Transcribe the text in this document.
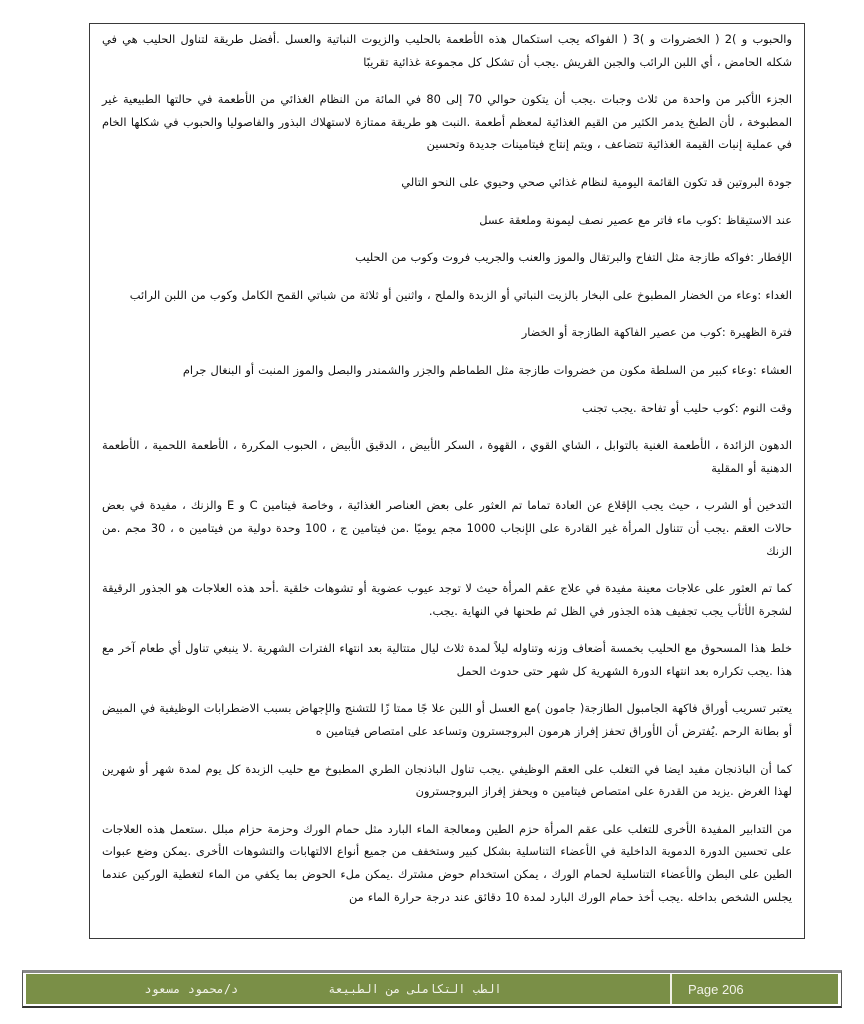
والحبوب و )2 ( الخضروات و )3 ( الفواكه يجب استكمال هذه الأطعمة بالحليب والزيوت النباتية والعسل .أفضل طريقة لتناول الحليب هي في شكله الحامض ، أي اللبن الرائب والجبن القريش .يجب أن تشكل كل مجموعة غذائية تقريبًا

الجزء الأكبر من واحدة من ثلاث وجبات .يجب أن يتكون حوالي 70 إلى 80 في المائة من النظام الغذائي من الأطعمة في حالتها الطبيعية غير المطبوخة ، لأن الطبخ يدمر الكثير من القيم الغذائية لمعظم أطعمة .النبت هو طريقة ممتازة لاستهلاك البذور والفاصوليا والحبوب في شكلها الخام في عملية إنبات القيمة الغذائية تتضاعف ، ويتم إنتاج فيتامينات جديدة وتحسين

جودة البروتين قد تكون القائمة اليومية لنظام غذائي صحي وحيوي على النحو التالي

عند الاستيقاظ :كوب ماء فاتر مع عصير نصف ليمونة وملعقة عسل

الإفطار :فواكه طازجة مثل التفاح والبرتقال والموز والعنب والجريب فروت وكوب من الحليب

الغداء :وعاء من الخضار المطبوخ على البخار بالزيت النباتي أو الزبدة والملح ، واثنين أو ثلاثة من شباتي القمح الكامل وكوب من اللبن الرائب

فترة الظهيرة :كوب من عصير الفاكهة الطازجة أو الخضار

العشاء :وعاء كبير من السلطة مكون من خضروات طازجة مثل الطماطم والجزر والشمندر والبصل والموز المنبت أو البنغال جرام

وقت النوم :كوب حليب أو تفاحة .يجب تجنب

الدهون الزائدة ، الأطعمة الغنية بالتوابل ، الشاي القوي ، القهوة ، السكر الأبيض ، الدقيق الأبيض ، الحبوب المكررة ، الأطعمة اللحمية ، الأطعمة الدهنية أو المقلية

التدخين أو الشرب ، حيث يجب الإقلاع عن العادة تماما تم العثور على بعض العناصر الغذائية ، وخاصة فيتامين C و E والزنك ، مفيدة في بعض حالات العقم .يجب أن تتناول المرأة غير القادرة على الإنجاب 1000 مجم يوميًا .من فيتامين ج ، 100 وحدة دولية من فيتامين ه ، 30 مجم .من الزنك

كما تم العثور على علاجات معينة مفيدة في علاج عقم المرأة حيث لا توجد عيوب عضوية أو تشوهات خلقية .أحد هذه العلاجات هو الجذور الرقيقة لشجرة الأثأب يجب تجفيف هذه الجذور في الظل ثم طحنها في النهاية .يجب.

خلط هذا المسحوق مع الحليب بخمسة أضعاف وزنه وتناوله ليلاً لمدة ثلاث ليال متتالية بعد انتهاء الفترات الشهرية .لا ينبغي تناول أي طعام آخر مع هذا .يجب تكراره بعد انتهاء الدورة الشهرية كل شهر حتى حدوث الحمل

يعتبر تسريب أوراق فاكهة الجامبول الطازجة( جامون )مع العسل أو اللبن علا جًا ممتا زًا للتشنج والإجهاض بسبب الاضطرابات الوظيفية في المبيض أو بطانة الرحم .يُفترض أن الأوراق تحفز إفراز هرمون البروجسترون وتساعد على امتصاص فيتامين ه

كما أن الباذنجان مفيد ايضا في التغلب على العقم الوظيفي .يجب تناول الباذنجان الطري المطبوخ مع حليب الزبدة كل يوم لمدة شهر أو شهرين لهذا الغرض .يزيد من القدرة على امتصاص فيتامين ه ويحفز إفراز البروجسترون

من التدابير المفيدة الأخرى للتغلب على عقم المرأة حزم الطين ومعالجة الماء البارد مثل حمام الورك وحزمة حزام مبلل .ستعمل هذه العلاجات على تحسين الدورة الدموية الداخلية في الأعضاء التناسلية بشكل كبير وستخفف من جميع أنواع الالتهابات والتشوهات الأخرى .يمكن وضع عبوات الطين على البطن والأعضاء التناسلية لحمام الورك ، يمكن استخدام حوض مشترك .يمكن ملء الحوض بما يكفي من الماء لتغطية الوركين عندما يجلس الشخص بداخله .يجب أخذ حمام الورك البارد لمدة 10 دقائق عند درجة حرارة الماء من

الطب التكاملى من الطبيعة
د/محمود مسعود	Page 206
